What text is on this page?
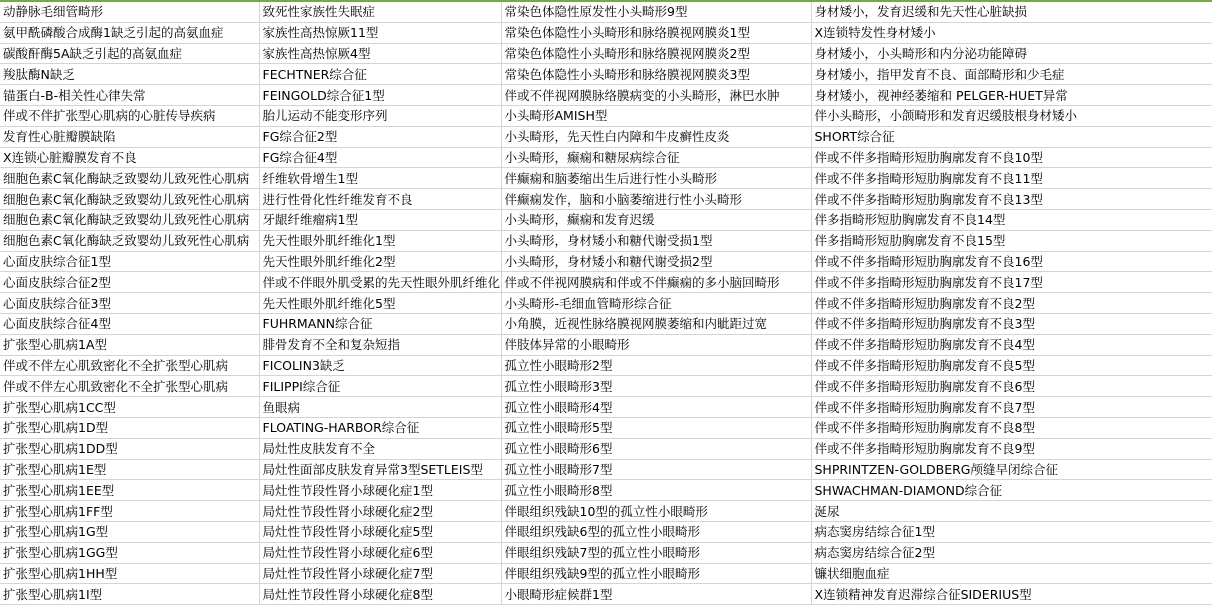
动静脉毛细管畸形	致死性家族性失眠症	常染色体隐性原发性小头畸形9型	身材矮小，发育迟缓和先天性心脏缺损
氨甲酰磷酸合成酶1缺乏引起的高氨血症	家族性高热惊厥11型	常染色体隐性小头畸形和脉络膜视网膜炎1型	X连锁特发性身材矮小
碳酸酐酶5A缺乏引起的高氨血症	家族性高热惊厥4型	常染色体隐性小头畸形和脉络膜视网膜炎2型	身材矮小，小头畸形和内分泌功能障碍
羧肽酶N缺乏	FECHTNER综合征	常染色体隐性小头畸形和脉络膜视网膜炎3型	身材矮小，指甲发育不良、面部畸形和少毛症
锚蛋白-B-相关性心律失常	FEINGOLD综合征1型	伴或不伴视网膜脉络膜病变的小头畸形，淋巴水肿	身材矮小，视神经萎缩和 PELGER-HUET异常
伴或不伴扩张型心肌病的心脏传导疾病	胎儿运动不能变形序列	小头畸形AMISH型	伴小头畸形，小颌畸形和发育迟缓肢根身材矮小
发育性心脏瓣膜缺陷	FG综合征2型	小头畸形，先天性白内障和牛皮癣性皮炎	SHORT综合征
X连锁心脏瓣膜发育不良	FG综合征4型	小头畸形，癫痫和糖尿病综合征	伴或不伴多指畸形短肋胸廓发育不良10型
细胞色素C氧化酶缺乏致婴幼儿致死性心肌病	纤维软骨增生1型	伴癫痫和脑萎缩出生后进行性小头畸形	伴或不伴多指畸形短肋胸廓发育不良11型
细胞色素C氧化酶缺乏致婴幼儿致死性心肌病	进行性骨化性纤维发育不良	伴癫痫发作，脑和小脑萎缩进行性小头畸形	伴或不伴多指畸形短肋胸廓发育不良13型
细胞色素C氧化酶缺乏致婴幼儿致死性心肌病	牙龈纤维瘤病1型	小头畸形，癫痫和发育迟缓	伴多指畸形短肋胸廓发育不良14型
细胞色素C氧化酶缺乏致婴幼儿致死性心肌病	先天性眼外肌纤维化1型	小头畸形，身材矮小和糖代谢受损1型	伴多指畸形短肋胸廓发育不良15型
心面皮肤综合征1型	先天性眼外肌纤维化2型	小头畸形，身材矮小和糖代谢受损2型	伴或不伴多指畸形短肋胸廓发育不良16型
心面皮肤综合征2型	伴或不伴眼外肌受累的先天性眼外肌纤维化	伴或不伴视网膜病和伴或不伴癫痫的多小脑回畸形	伴或不伴多指畸形短肋胸廓发育不良17型
心面皮肤综合征3型	先天性眼外肌纤维化5型	小头畸形-毛细血管畸形综合征	伴或不伴多指畸形短肋胸廓发育不良2型
心面皮肤综合征4型	FUHRMANN综合征	小角膜，近视性脉络膜视网膜萎缩和内眦距过宽	伴或不伴多指畸形短肋胸廓发育不良3型
扩张型心肌病1A型	腓骨发育不全和复杂短指	伴肢体异常的小眼畸形	伴或不伴多指畸形短肋胸廓发育不良4型
伴或不伴左心肌致密化不全扩张型心肌病	FICOLIN3缺乏	孤立性小眼畸形2型	伴或不伴多指畸形短肋胸廓发育不良5型
伴或不伴左心肌致密化不全扩张型心肌病	FILIPPI综合征	孤立性小眼畸形3型	伴或不伴多指畸形短肋胸廓发育不良6型
扩张型心肌病1CC型	鱼眼病	孤立性小眼畸形4型	伴或不伴多指畸形短肋胸廓发育不良7型
扩张型心肌病1D型	FLOATING-HARBOR综合征	孤立性小眼畸形5型	伴或不伴多指畸形短肋胸廓发育不良8型
扩张型心肌病1DD型	局灶性皮肤发育不全	孤立性小眼畸形6型	伴或不伴多指畸形短肋胸廓发育不良9型
扩张型心肌病1E型	局灶性面部皮肤发育异常3型SETLEIS型	孤立性小眼畸形7型	SHPRINTZEN-GOLDBERG颅缝早闭综合征
扩张型心肌病1EE型	局灶性节段性肾小球硬化症1型	孤立性小眼畸形8型	SHWACHMAN-DIAMOND综合征
扩张型心肌病1FF型	局灶性节段性肾小球硬化症2型	伴眼组织残缺10型的孤立性小眼畸形	涎尿
扩张型心肌病1G型	局灶性节段性肾小球硬化症5型	伴眼组织残缺6型的孤立性小眼畸形	病态窦房结综合征1型
扩张型心肌病1GG型	局灶性节段性肾小球硬化症6型	伴眼组织残缺7型的孤立性小眼畸形	病态窦房结综合征2型
扩张型心肌病1HH型	局灶性节段性肾小球硬化症7型	伴眼组织残缺9型的孤立性小眼畸形	镰状细胞血症
扩张型心肌病1I型	局灶性节段性肾小球硬化症8型	小眼畸形症候群1型	X连锁精神发育迟滞综合征SIDERIUS型
